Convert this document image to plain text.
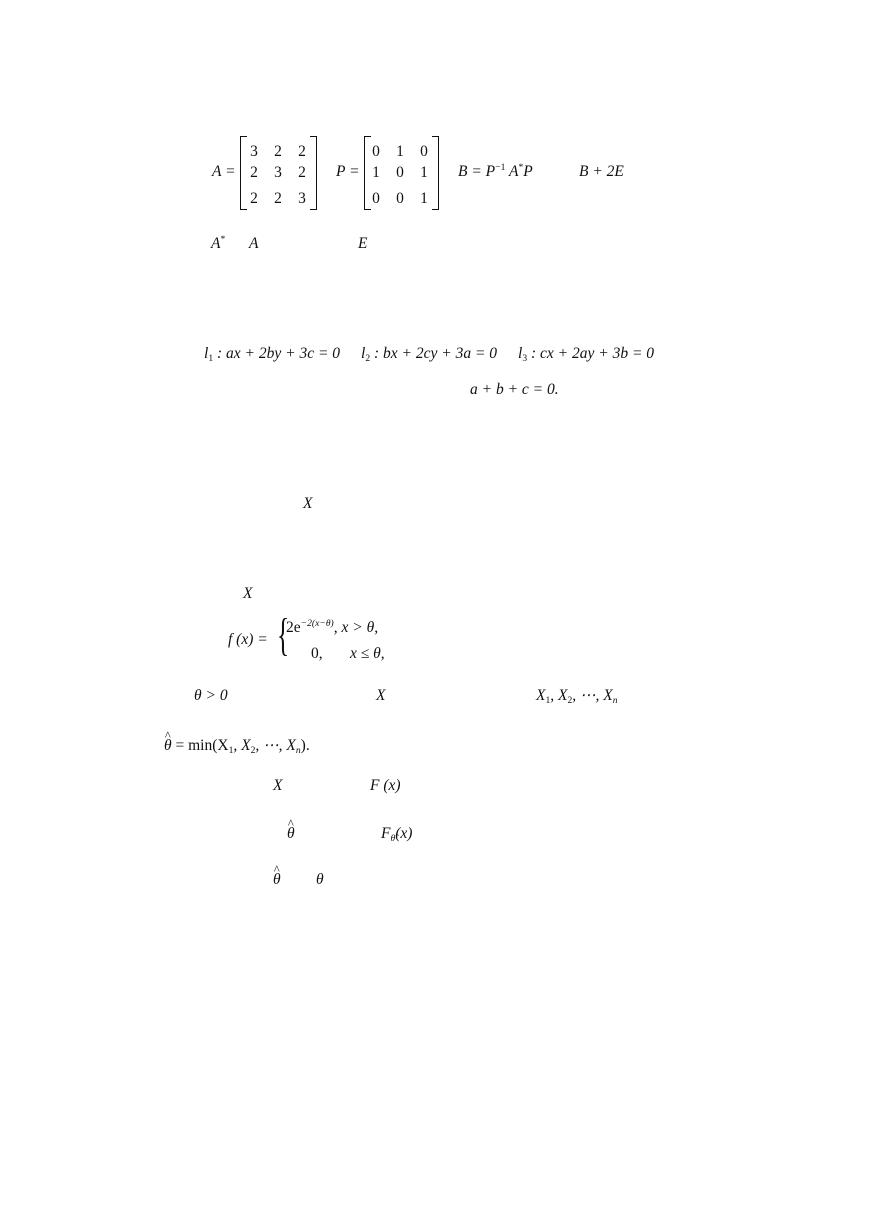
A =
3	2	2
2	3	2
2	2	3
P =
0	1	0
1	0	1
0	0	1
$B = P^{-1}$ A*P	B + 2E
A* A	E
$l_1$ : ax + 2by + 3c = 0 $l_2$ : bx + 2cy + 3a = 0 $l_3$ : cx + 2ay + 3b = 0
a + b + c = 0.
X
X
f (x) = {
$2e^{-2(x-\theta)}$, x > θ,
0, x ≤ θ,
θ > 0	X	$X_1$, $X_2$, ⋯, $X_n$
^ $\theta = \min(X_1$, $X_2$, ⋯, $X_n$).
X	F (x)
^ θ	$F_{\thetâ}(x)$
^ θ θ
